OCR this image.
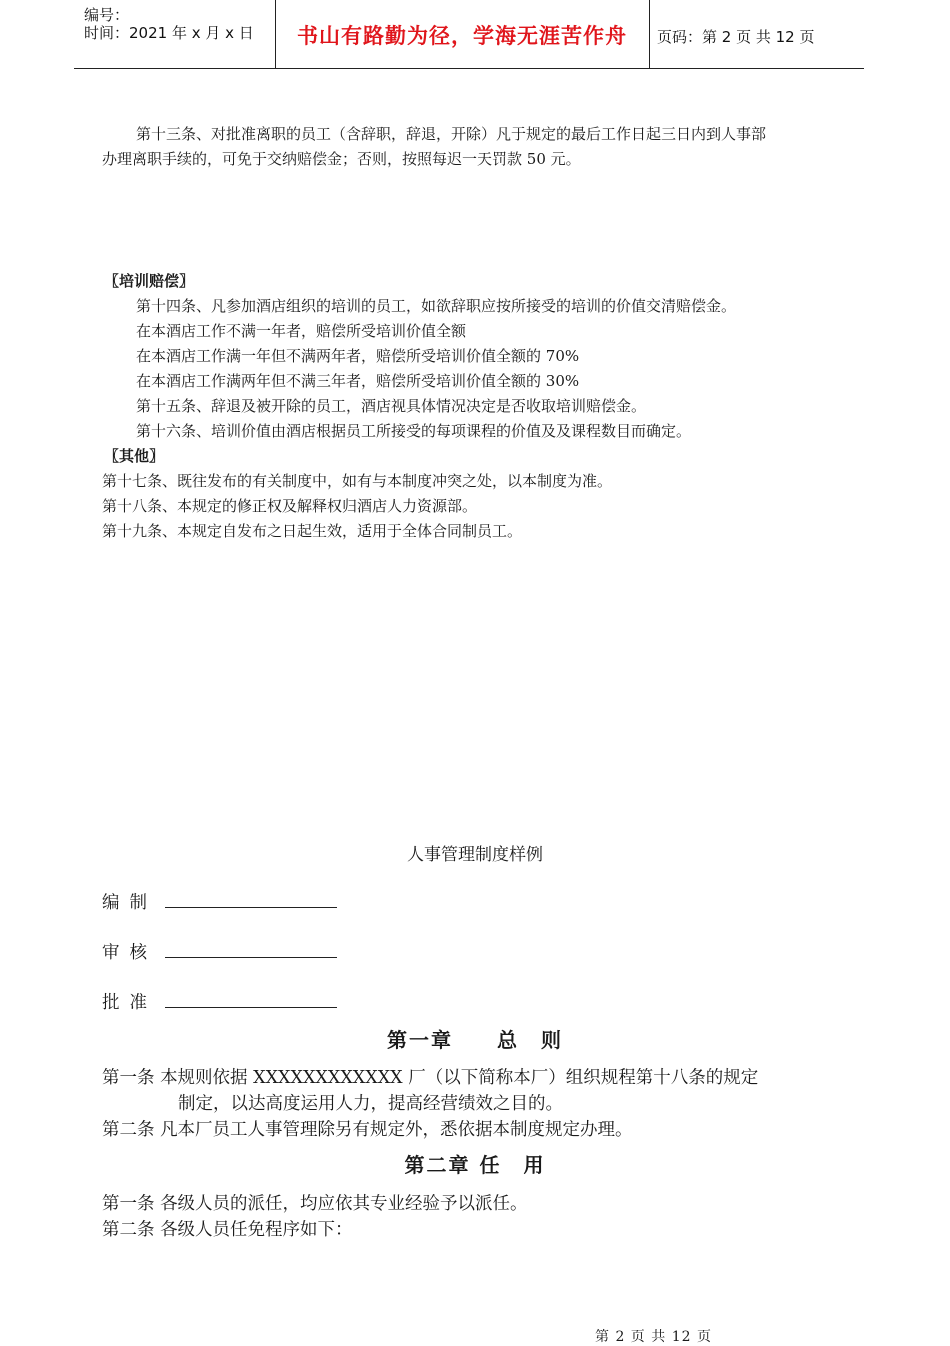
编号：
时间：2021 年 x 月 x 日	书山有路勤为径，学海无涯苦作舟	页码：第 2 页 共 12 页
第十三条、对批准离职的员工（含辞职，辞退，开除）凡于规定的最后工作日起三日内到人事部
办理离职手续的，可免于交纳赔偿金；否则，按照每迟一天罚款 50 元。
〖培训赔偿〗
第十四条、凡参加酒店组织的培训的员工，如欲辞职应按所接受的培训的价值交清赔偿金。
在本酒店工作不满一年者，赔偿所受培训价值全额
在本酒店工作满一年但不满两年者，赔偿所受培训价值全额的 70%
在本酒店工作满两年但不满三年者，赔偿所受培训价值全额的 30%
第十五条、辞退及被开除的员工，酒店视具体情况决定是否收取培训赔偿金。
第十六条、培训价值由酒店根据员工所接受的每项课程的价值及及课程数目而确定。
〖其他〗
第十七条、既往发布的有关制度中，如有与本制度冲突之处，以本制度为准。
第十八条、本规定的修正权及解释权归酒店人力资源部。
第十九条、本规定自发布之日起生效，适用于全体合同制员工。
人事管理制度样例
编制
审核
批准
第一章　　总　则
第一条 本规则依据 XXXXXXXXXXXX 厂（以下简称本厂）组织规程第十八条的规定
制定，以达高度运用人力，提高经营绩效之目的。
第二条 凡本厂员工人事管理除另有规定外，悉依据本制度规定办理。
第二章 任　用
第一条 各级人员的派任，均应依其专业经验予以派任。
第二条 各级人员任免程序如下：
第 2 页 共 12 页
